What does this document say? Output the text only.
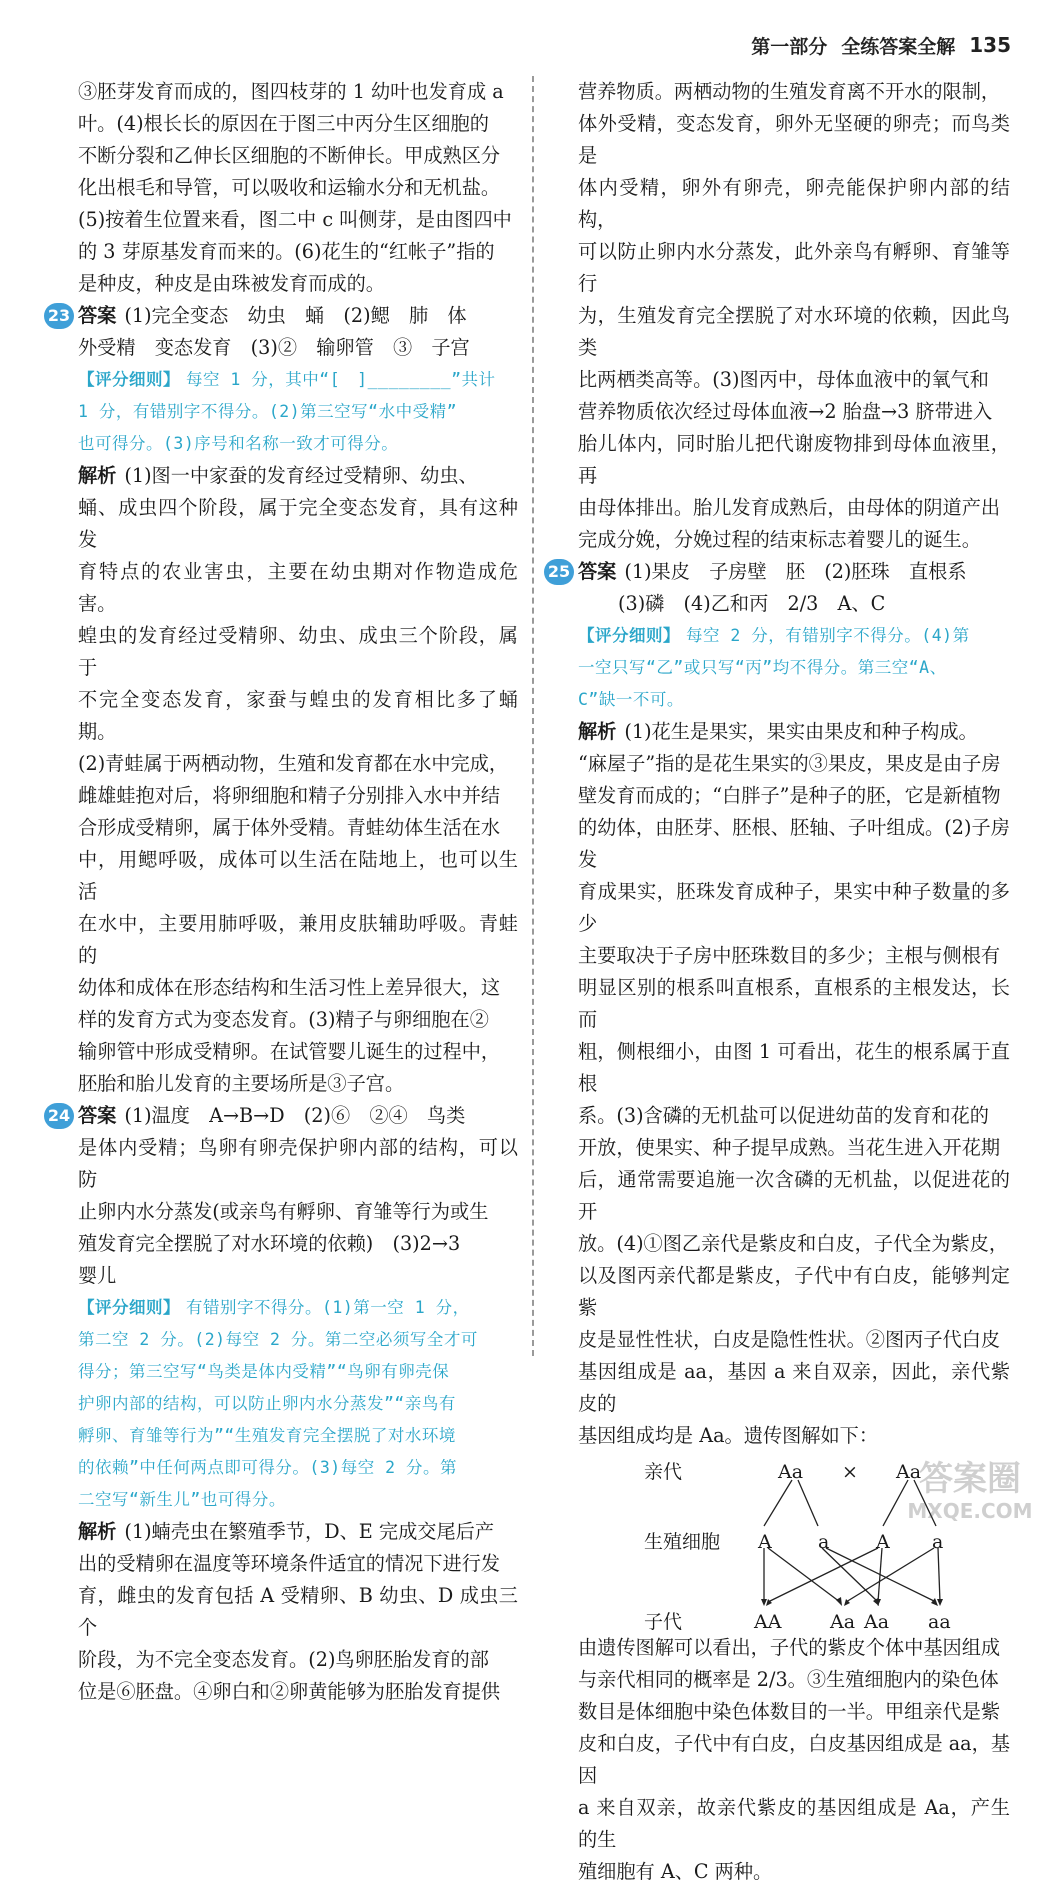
第一部分 全练答案全解 135

③胚芽发育而成的，图四枝芽的 1 幼叶也发育成 a

叶。(4)根长长的原因在于图三中丙分生区细胞的

不断分裂和乙伸长区细胞的不断伸长。甲成熟区分

化出根毛和导管，可以吸收和运输水分和无机盐。

(5)按着生位置来看，图二中 c 叫侧芽，是由图四中

的 3 芽原基发育而来的。(6)花生的“红帐子”指的

是种皮，种皮是由珠被发育而成的。

23 答案 (1)完全变态　幼虫　蛹　(2)鳃　肺　体

外受精　变态发育　(3)②　输卵管　③　子宫

【评分细则】 每空 1 分，其中“[　]________”共计
1 分，有错别字不得分。(2)第三空写“水中受精”
也可得分。(3)序号和名称一致才可得分。

解析 (1)图一中家蚕的发育经过受精卵、幼虫、

蛹、成虫四个阶段，属于完全变态发育，具有这种发

育特点的农业害虫，主要在幼虫期对作物造成危害。

蝗虫的发育经过受精卵、幼虫、成虫三个阶段，属于

不完全变态发育，家蚕与蝗虫的发育相比多了蛹期。

(2)青蛙属于两栖动物，生殖和发育都在水中完成，

雌雄蛙抱对后，将卵细胞和精子分别排入水中并结

合形成受精卵，属于体外受精。青蛙幼体生活在水

中，用鳃呼吸，成体可以生活在陆地上，也可以生活

在水中，主要用肺呼吸，兼用皮肤辅助呼吸。青蛙的

幼体和成体在形态结构和生活习性上差异很大，这

样的发育方式为变态发育。(3)精子与卵细胞在②

输卵管中形成受精卵。在试管婴儿诞生的过程中，

胚胎和胎儿发育的主要场所是③子宫。

24 答案 (1)温度　A→B→D　(2)⑥　②④　鸟类

是体内受精；鸟卵有卵壳保护卵内部的结构，可以防

止卵内水分蒸发(或亲鸟有孵卵、育雏等行为或生

殖发育完全摆脱了对水环境的依赖)　(3)2→3

婴儿

【评分细则】 有错别字不得分。(1)第一空 1 分，
第二空 2 分。(2)每空 2 分。第二空必须写全才可
得分；第三空写“鸟类是体内受精”“鸟卵有卵壳保
护卵内部的结构，可以防止卵内水分蒸发”“亲鸟有
孵卵、育雏等行为”“生殖发育完全摆脱了对水环境
的依赖”中任何两点即可得分。(3)每空 2 分。第
二空写“新生儿”也可得分。

解析 (1)蝻壳虫在繁殖季节，D、E 完成交尾后产

出的受精卵在温度等环境条件适宜的情况下进行发

育，雌虫的发育包括 A 受精卵、B 幼虫、D 成虫三个

阶段，为不完全变态发育。(2)鸟卵胚胎发育的部

位是⑥胚盘。④卵白和②卵黄能够为胚胎发育提供

营养物质。两栖动物的生殖发育离不开水的限制，

体外受精，变态发育，卵外无坚硬的卵壳；而鸟类是

体内受精，卵外有卵壳，卵壳能保护卵内部的结构，

可以防止卵内水分蒸发，此外亲鸟有孵卵、育雏等行

为，生殖发育完全摆脱了对水环境的依赖，因此鸟类

比两栖类高等。(3)图丙中，母体血液中的氧气和

营养物质依次经过母体血液→2 胎盘→3 脐带进入

胎儿体内，同时胎儿把代谢废物排到母体血液里，再

由母体排出。胎儿发育成熟后，由母体的阴道产出

完成分娩，分娩过程的结束标志着婴儿的诞生。

25 答案 (1)果皮　子房壁　胚　(2)胚珠　直根系

(3)磷　(4)乙和丙　2/3　A、C

【评分细则】 每空 2 分，有错别字不得分。(4)第
一空只写“乙”或只写“丙”均不得分。第三空“A、
C”缺一不可。

解析 (1)花生是果实，果实由果皮和种子构成。

“麻屋子”指的是花生果实的③果皮，果皮是由子房

壁发育而成的；“白胖子”是种子的胚，它是新植物

的幼体，由胚芽、胚根、胚轴、子叶组成。(2)子房发

育成果实，胚珠发育成种子，果实中种子数量的多少

主要取决于子房中胚珠数目的多少；主根与侧根有

明显区别的根系叫直根系，直根系的主根发达，长而

粗，侧根细小，由图 1 可看出，花生的根系属于直根

系。(3)含磷的无机盐可以促进幼苗的发育和花的

开放，使果实、种子提早成熟。当花生进入开花期

后，通常需要追施一次含磷的无机盐，以促进花的开

放。(4)①图乙亲代是紫皮和白皮，子代全为紫皮，

以及图丙亲代都是紫皮，子代中有白皮，能够判定紫

皮是显性性状，白皮是隐性性状。②图丙子代白皮

基因组成是 aa，基因 a 来自双亲，因此，亲代紫皮的

基因组成均是 Aa。遗传图解如下：

亲代	Aa × Aa
生殖细胞 A a A a
子代	AA	Aa Aa aa

由遗传图解可以看出，子代的紫皮个体中基因组成

与亲代相同的概率是 2/3。③生殖细胞内的染色体

数目是体细胞中染色体数目的一半。甲组亲代是紫

皮和白皮，子代中有白皮，白皮基因组成是 aa，基因

a 来自双亲，故亲代紫皮的基因组成是 Aa，产生的生

殖细胞有 A、C 两种。

答案圈
MXQE.COM
